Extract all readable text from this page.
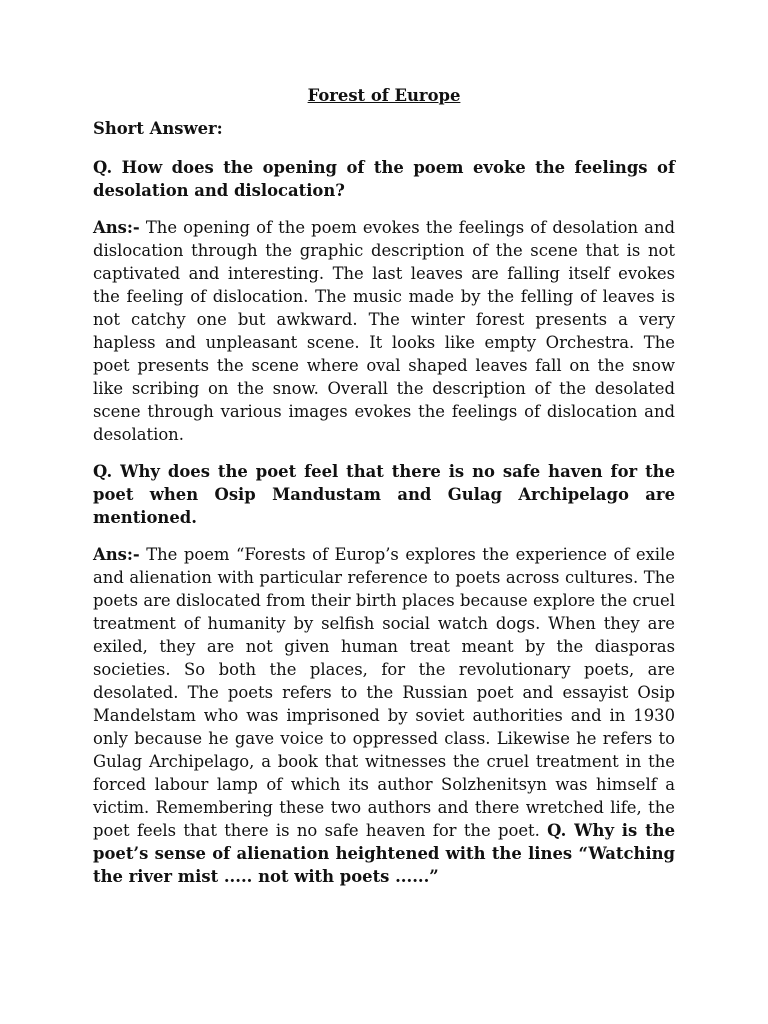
Forest of Europe
Short Answer:
Q. How does the opening of the poem evoke the feelings of desolation and dislocation?
Ans:- The opening of the poem evokes the feelings of desolation and dislocation through the graphic description of the scene that is not captivated and interesting. The last leaves are falling itself evokes the feeling of dislocation. The music made by the felling of leaves is not catchy one but awkward. The winter forest presents a very hapless and unpleasant scene. It looks like empty Orchestra. The poet presents the scene where oval shaped leaves fall on the snow like scribing on the snow. Overall the description of the desolated scene through various images evokes the feelings of dislocation and desolation.
Q. Why does the poet feel that there is no safe haven for the poet when Osip Mandustam and Gulag Archipelago are mentioned.
Ans:- The poem “Forests of Europ’s explores the experience of exile and alienation with particular reference to poets across cultures. The poets are dislocated from their birth places because explore the cruel treatment of humanity by selfish social watch dogs. When they are exiled, they are not given human treat meant by the diasporas societies. So both the places, for the revolutionary poets, are desolated. The poets refers to the Russian poet and essayist Osip Mandelstam who was imprisoned by soviet authorities and in 1930 only because he gave voice to oppressed class. Likewise he refers to Gulag Archipelago, a book that witnesses the cruel treatment in the forced labour lamp of which its author Solzhenitsyn was himself a victim. Remembering these two authors and there wretched life, the poet feels that there is no safe heaven for the poet. Q. Why is the poet’s sense of alienation heightened with the lines “Watching the river mist ..... not with poets ......”
